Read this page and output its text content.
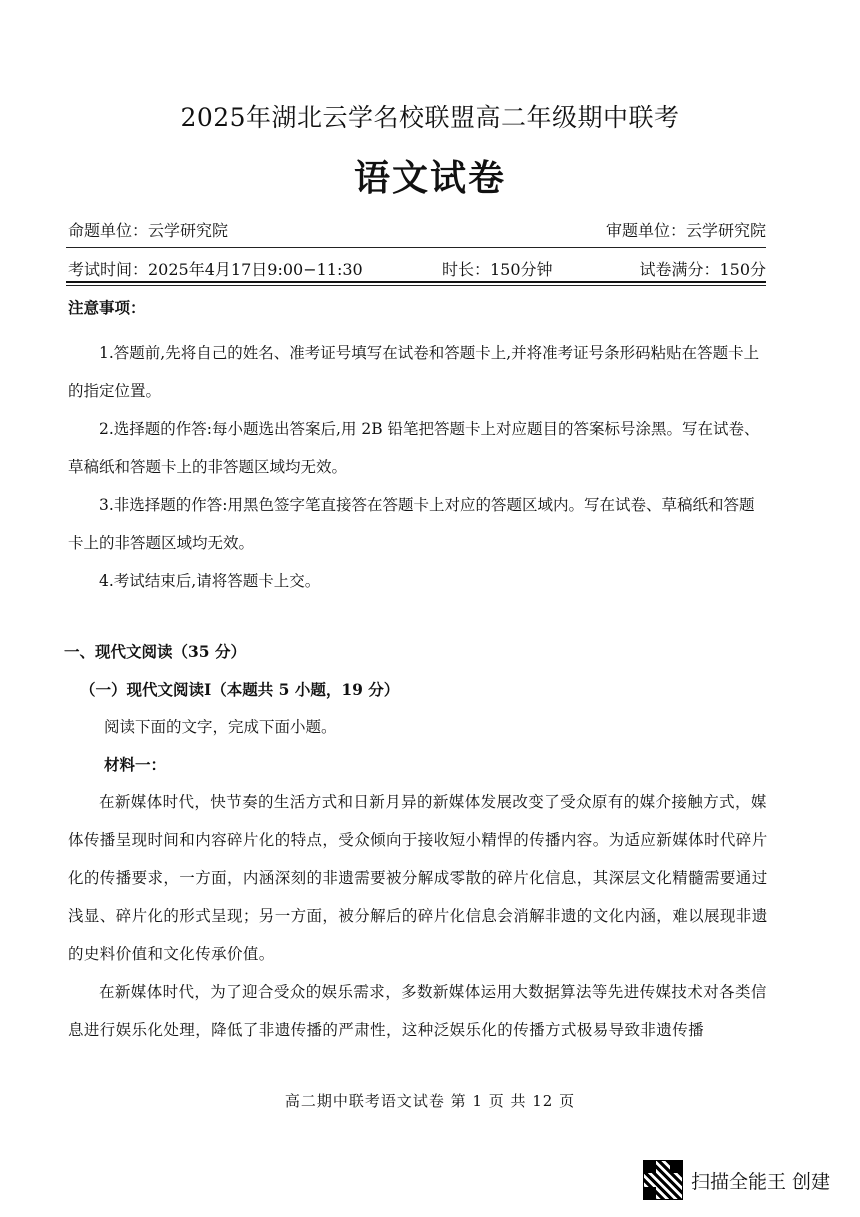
2025年湖北云学名校联盟高二年级期中联考
语文试卷
命题单位：云学研究院	审题单位：云学研究院
考试时间：2025年4月17日9:00−11:30	时长：150分钟	试卷满分：150分
注意事项：
1.答题前,先将自己的姓名、准考证号填写在试卷和答题卡上,并将准考证号条形码粘贴在答题卡上的指定位置。
2.选择题的作答:每小题选出答案后,用 2B 铅笔把答题卡上对应题目的答案标号涂黑。写在试卷、草稿纸和答题卡上的非答题区域均无效。
3.非选择题的作答:用黑色签字笔直接答在答题卡上对应的答题区域内。写在试卷、草稿纸和答题卡上的非答题区域均无效。
4.考试结束后,请将答题卡上交。
一、现代文阅读（35 分）
（一）现代文阅读Ⅰ（本题共 5 小题，19 分）
阅读下面的文字，完成下面小题。
材料一：
在新媒体时代，快节奏的生活方式和日新月异的新媒体发展改变了受众原有的媒介接触方式，媒体传播呈现时间和内容碎片化的特点，受众倾向于接收短小精悍的传播内容。为适应新媒体时代碎片化的传播要求，一方面，内涵深刻的非遗需要被分解成零散的碎片化信息，其深层文化精髓需要通过浅显、碎片化的形式呈现；另一方面，被分解后的碎片化信息会消解非遗的文化内涵，难以展现非遗的史料价值和文化传承价值。
在新媒体时代，为了迎合受众的娱乐需求，多数新媒体运用大数据算法等先进传媒技术对各类信息进行娱乐化处理，降低了非遗传播的严肃性，这种泛娱乐化的传播方式极易导致非遗传播
高二期中联考语文试卷 第 1 页 共 12 页
扫描全能王 创建
